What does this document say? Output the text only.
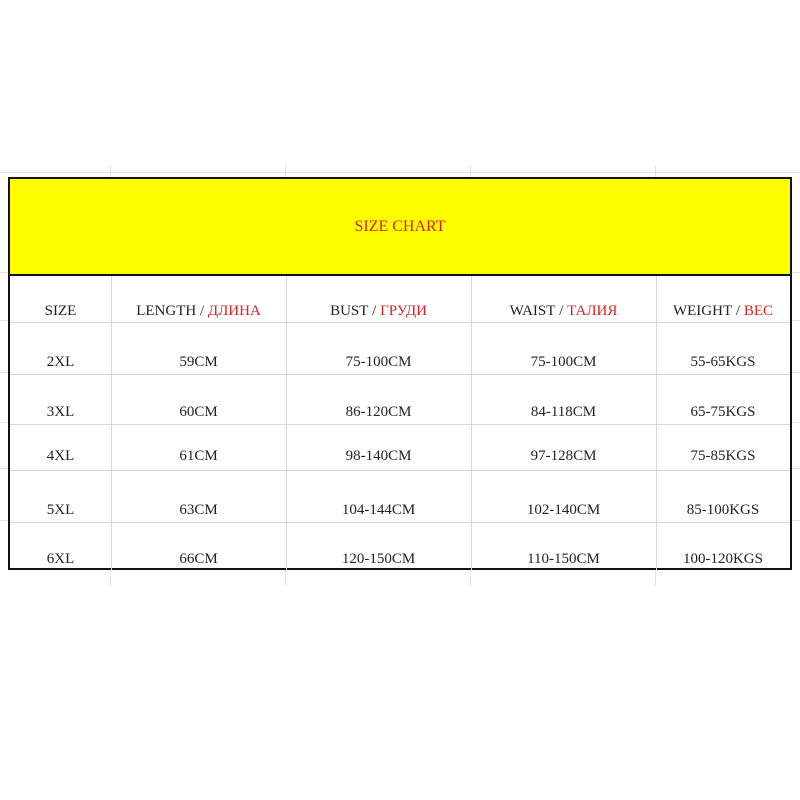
SIZE CHART
SIZE	LENGTH / ДЛИНА	BUST / ГРУДИ	WAIST / ТАЛИЯ	WEIGHT / ВЕС
2XL	59CM	75-100CM	75-100CM	55-65KGS
3XL	60CM	86-120CM	84-118CM	65-75KGS
4XL	61CM	98-140CM	97-128CM	75-85KGS
5XL	63CM	104-144CM	102-140CM	85-100KGS
6XL	66CM	120-150CM	110-150CM	100-120KGS
